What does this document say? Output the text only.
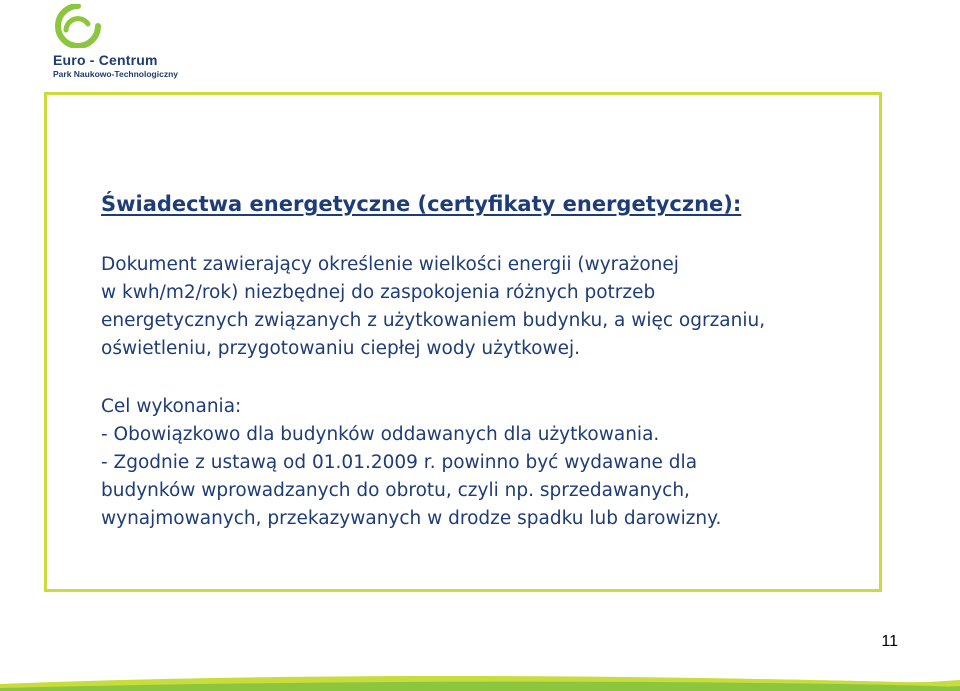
Euro - Centrum
Park Naukowo-Technologiczny
Świadectwa energetyczne (certyfikaty energetyczne):
Dokument zawierający określenie wielkości energii (wyrażonej
w kwh/m2/rok) niezbędnej do zaspokojenia różnych potrzeb
energetycznych związanych z użytkowaniem budynku, a więc ogrzaniu,
oświetleniu, przygotowaniu ciepłej wody użytkowej.
Cel wykonania:
- Obowiązkowo dla budynków oddawanych dla użytkowania.
- Zgodnie z ustawą od 01.01.2009 r. powinno być wydawane dla
budynków wprowadzanych do obrotu, czyli np. sprzedawanych,
wynajmowanych, przekazywanych w drodze spadku lub darowizny.
11
